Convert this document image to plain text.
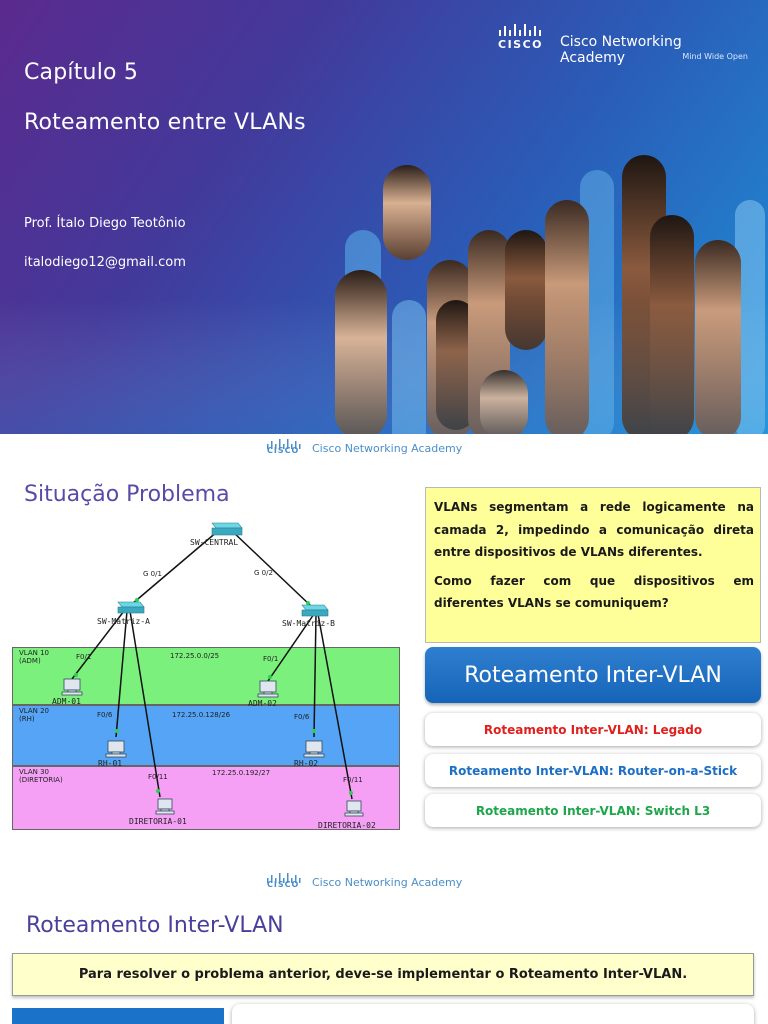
Capítulo 5
Roteamento entre VLANs
Prof. Ítalo Diego Teotônio
italodiego12@gmail.com
CISCO Cisco Networking Academy	Mind Wide Open
CISCO Cisco Networking Academy
Situação Problema
VLAN 10
(ADM)
VLAN 20
(RH)
VLAN 30
(DIRETORIA)
SW-CENTRAL
SW-Matriz-A	SW-Matriz-B
G 0/1	G 0/2
172.25.0.0/25
172.25.0.128/26
172.25.0.192/27
F0/1	F0/1
F0/6	F0/6
F0/11	F0/11
ADM-01	ADM-02
RH-01	RH-02
DIRETORIA-01	DIRETORIA-02

VLANs segmentam a rede logicamente na camada 2, impedindo a comunicação direta entre dispositivos de VLANs diferentes.

Como fazer com que dispositivos em diferentes VLANs se comuniquem?

Roteamento Inter-VLAN
Roteamento Inter-VLAN: Legado
Roteamento Inter-VLAN: Router-on-a-Stick
Roteamento Inter-VLAN: Switch L3
CISCO Cisco Networking Academy
Roteamento Inter-VLAN
Para resolver o problema anterior, deve-se implementar o Roteamento Inter-VLAN.
